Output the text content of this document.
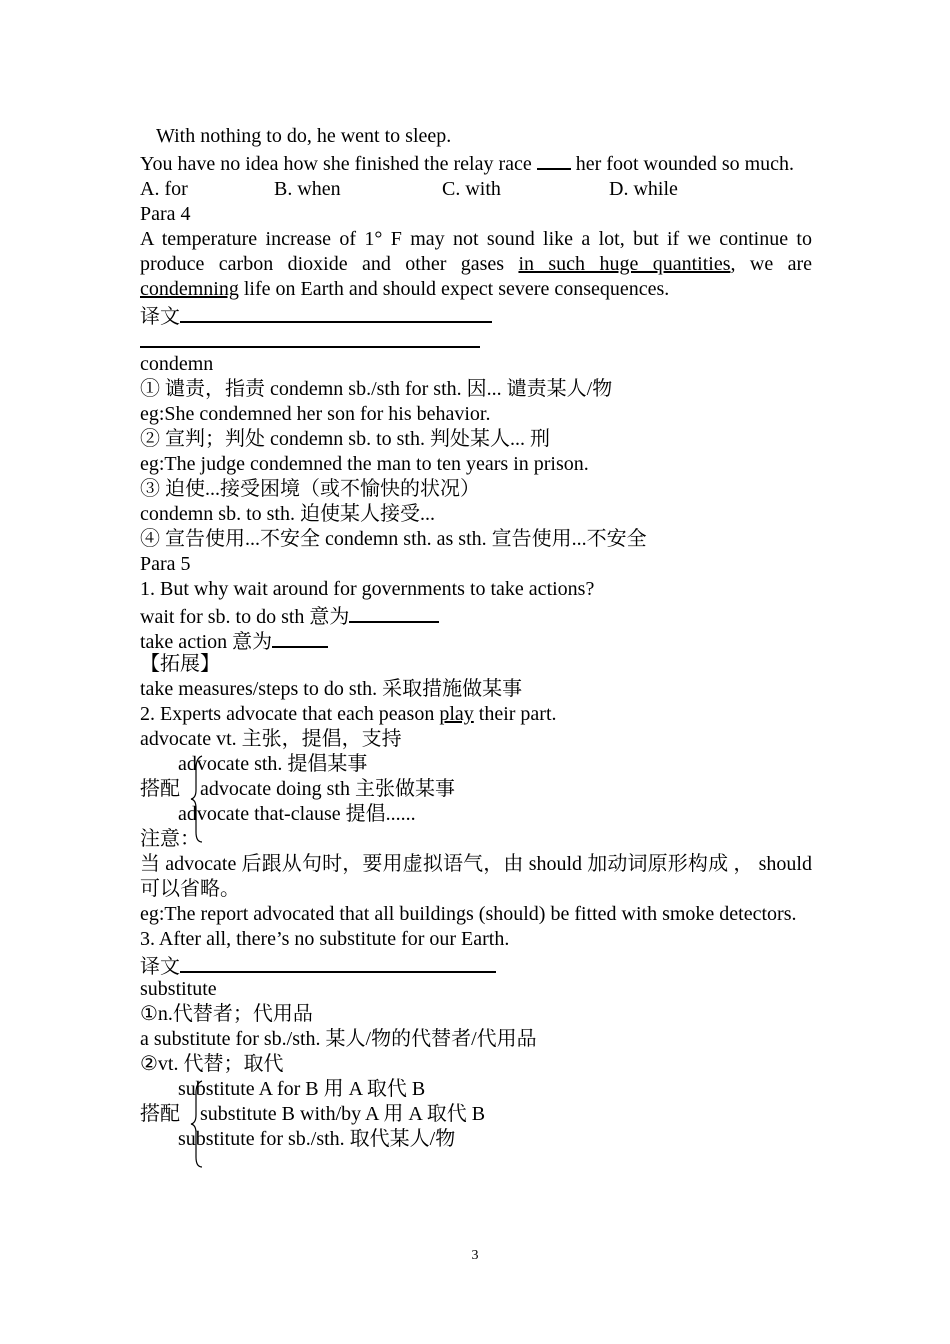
With nothing to do, he went to sleep.
You have no idea how she finished the relay race her foot wounded so much.
A. for	B. when	C. with	D. while
Para 4
A temperature increase of 1° F may not sound like a lot, but if we continue to produce carbon dioxide and other gases in such huge quantities, we are condemning life on Earth and should expect severe consequences.
译文
condemn
① 谴责，指责 condemn sb./sth for sth. 因... 谴责某人/物
eg:She condemned her son for his behavior.
② 宣判；判处 condemn sb. to sth. 判处某人... 刑
eg:The judge condemned the man to ten years in prison.
③ 迫使...接受困境（或不愉快的状况）
condemn sb. to sth. 迫使某人接受...
④ 宣告使用...不安全 condemn sth. as sth. 宣告使用...不安全
Para 5
1. But why wait around for governments to take actions?
wait for sb. to do sth 意为
take action 意为
【拓展】
take measures/steps to do sth. 采取措施做某事
2. Experts advocate that each peason play their part.
advocate vt. 主张，提倡，支持
搭配
advocate sth. 提倡某事
advocate doing sth 主张做某事
advocate that-clause 提倡......
注意：
当 advocate 后跟从句时，要用虚拟语气，由 should 加动词原形构成 ， should 可以省略。
eg:The report advocated that all buildings (should) be fitted with smoke detectors.
3. After all, there’s no substitute for our Earth.
译文
substitute
①n.代替者；代用品
a substitute for sb./sth. 某人/物的代替者/代用品
②vt. 代替；取代
搭配
substitute A for B 用 A 取代 B
substitute B with/by A 用 A 取代 B
substitute for sb./sth. 取代某人/物
3
